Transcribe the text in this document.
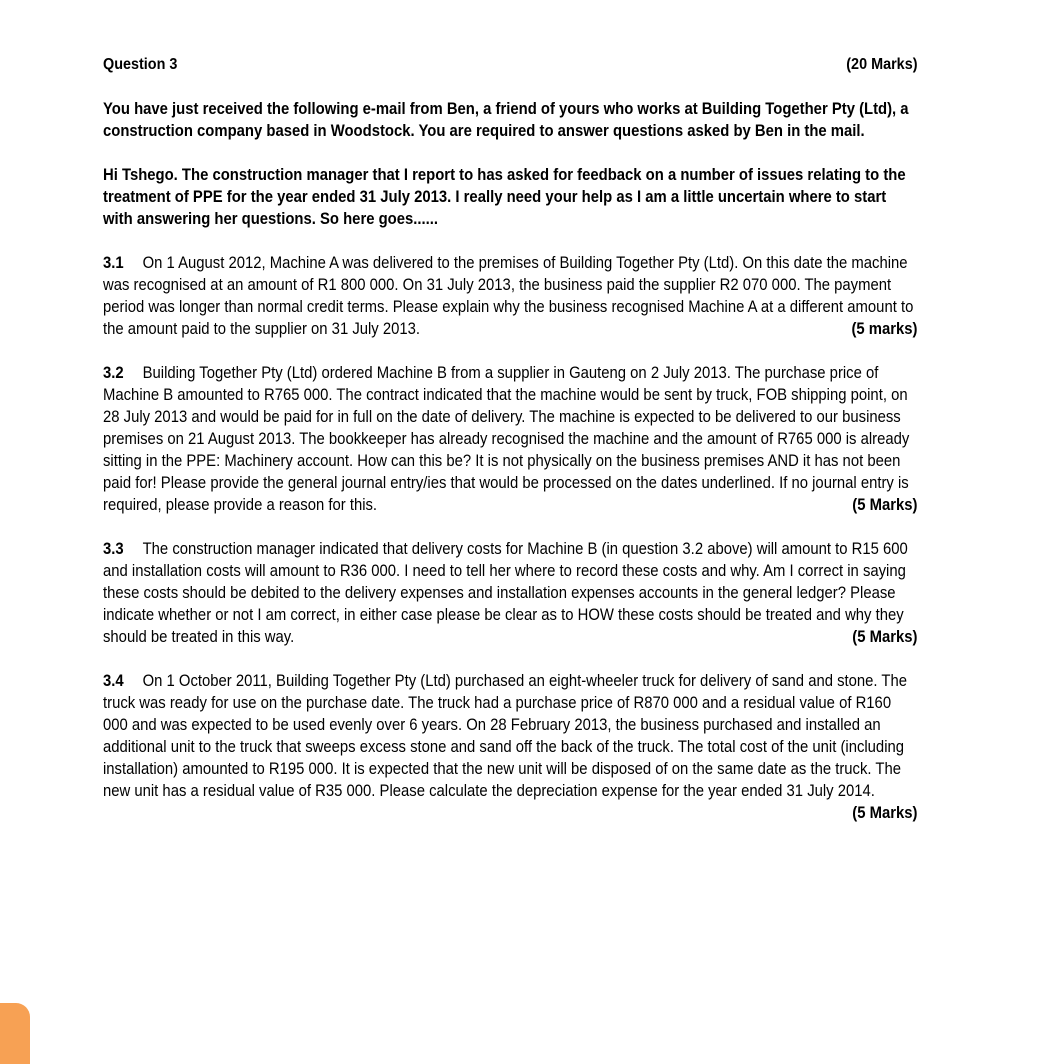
Question 3	(20 Marks)
You have just received the following e-mail from Ben, a friend of yours who works at Building Together Pty (Ltd), a construction company based in Woodstock. You are required to answer questions asked by Ben in the mail.
Hi Tshego. The construction manager that I report to has asked for feedback on a number of issues relating to the treatment of PPE for the year ended 31 July 2013. I really need your help as I am a little uncertain where to start with answering her questions. So here goes......
3.1 On 1 August 2012, Machine A was delivered to the premises of Building Together Pty (Ltd). On this date the machine was recognised at an amount of R1 800 000. On 31 July 2013, the business paid the supplier R2 070 000. The payment period was longer than normal credit terms. Please explain why the business recognised Machine A at a different amount to the amount paid to the supplier on 31 July 2013.	(5 marks)
3.2 Building Together Pty (Ltd) ordered Machine B from a supplier in Gauteng on 2 July 2013. The purchase price of Machine B amounted to R765 000. The contract indicated that the machine would be sent by truck, FOB shipping point, on 28 July 2013 and would be paid for in full on the date of delivery. The machine is expected to be delivered to our business premises on 21 August 2013. The bookkeeper has already recognised the machine and the amount of R765 000 is already sitting in the PPE: Machinery account. How can this be? It is not physically on the business premises AND it has not been paid for! Please provide the general journal entry/ies that would be processed on the dates underlined. If no journal entry is required, please provide a reason for this.	(5 Marks)
3.3 The construction manager indicated that delivery costs for Machine B (in question 3.2 above) will amount to R15 600 and installation costs will amount to R36 000. I need to tell her where to record these costs and why. Am I correct in saying these costs should be debited to the delivery expenses and installation expenses accounts in the general ledger? Please indicate whether or not I am correct, in either case please be clear as to HOW these costs should be treated and why they should be treated in this way.	(5 Marks)
3.4 On 1 October 2011, Building Together Pty (Ltd) purchased an eight-wheeler truck for delivery of sand and stone. The truck was ready for use on the purchase date. The truck had a purchase price of R870 000 and a residual value of R160 000 and was expected to be used evenly over 6 years. On 28 February 2013, the business purchased and installed an additional unit to the truck that sweeps excess stone and sand off the back of the truck. The total cost of the unit (including installation) amounted to R195 000. It is expected that the new unit will be disposed of on the same date as the truck. The new unit has a residual value of R35 000. Please calculate the depreciation expense for the year ended 31 July 2014.
(5 Marks)
